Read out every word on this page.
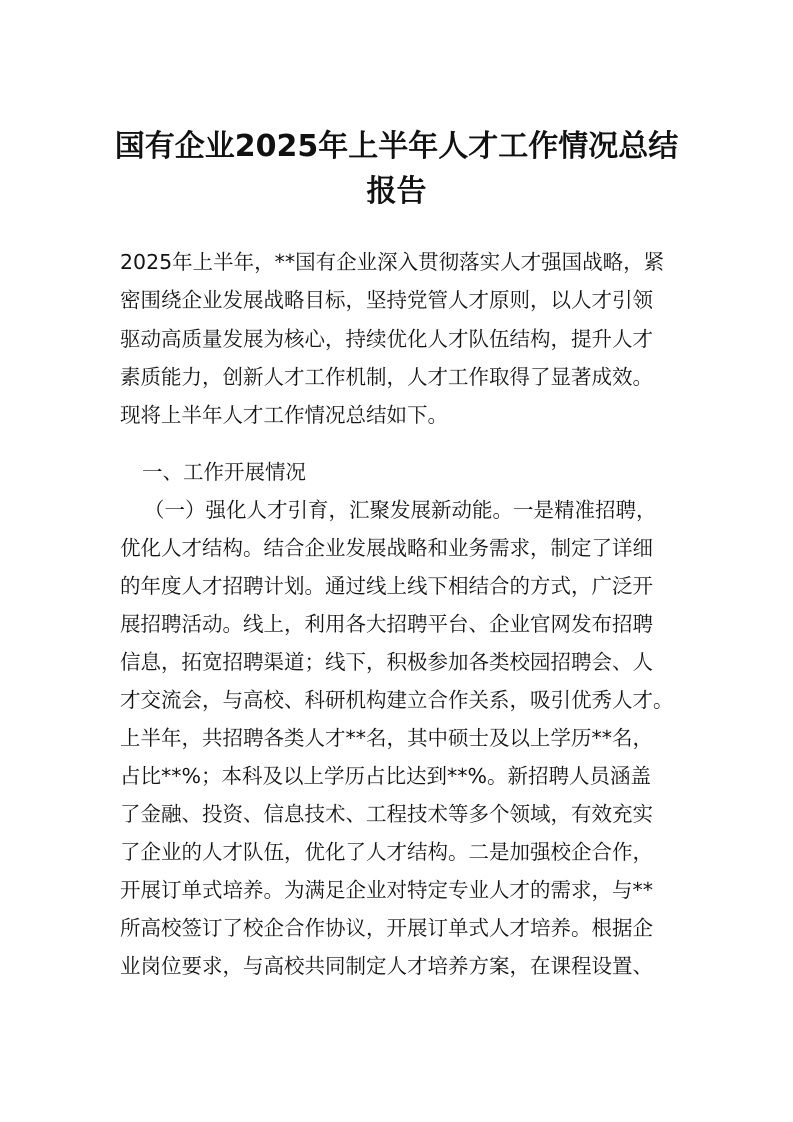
国有企业2025年上半年人才工作情况总结
报告
2025年上半年，**国有企业深入贯彻落实人才强国战略，紧
密围绕企业发展战略目标，坚持党管人才原则，以人才引领
驱动高质量发展为核心，持续优化人才队伍结构，提升人才
素质能力，创新人才工作机制，人才工作取得了显著成效。
现将上半年人才工作情况总结如下。
一、工作开展情况
（一）强化人才引育，汇聚发展新动能。一是精准招聘，
优化人才结构。结合企业发展战略和业务需求，制定了详细
的年度人才招聘计划。通过线上线下相结合的方式，广泛开
展招聘活动。线上，利用各大招聘平台、企业官网发布招聘
信息，拓宽招聘渠道；线下，积极参加各类校园招聘会、人
才交流会，与高校、科研机构建立合作关系，吸引优秀人才。
上半年，共招聘各类人才**名，其中硕士及以上学历**名，
占比**%；本科及以上学历占比达到**%。新招聘人员涵盖
了金融、投资、信息技术、工程技术等多个领域，有效充实
了企业的人才队伍，优化了人才结构。二是加强校企合作，
开展订单式培养。为满足企业对特定专业人才的需求，与**
所高校签订了校企合作协议，开展订单式人才培养。根据企
业岗位要求，与高校共同制定人才培养方案，在课程设置、
